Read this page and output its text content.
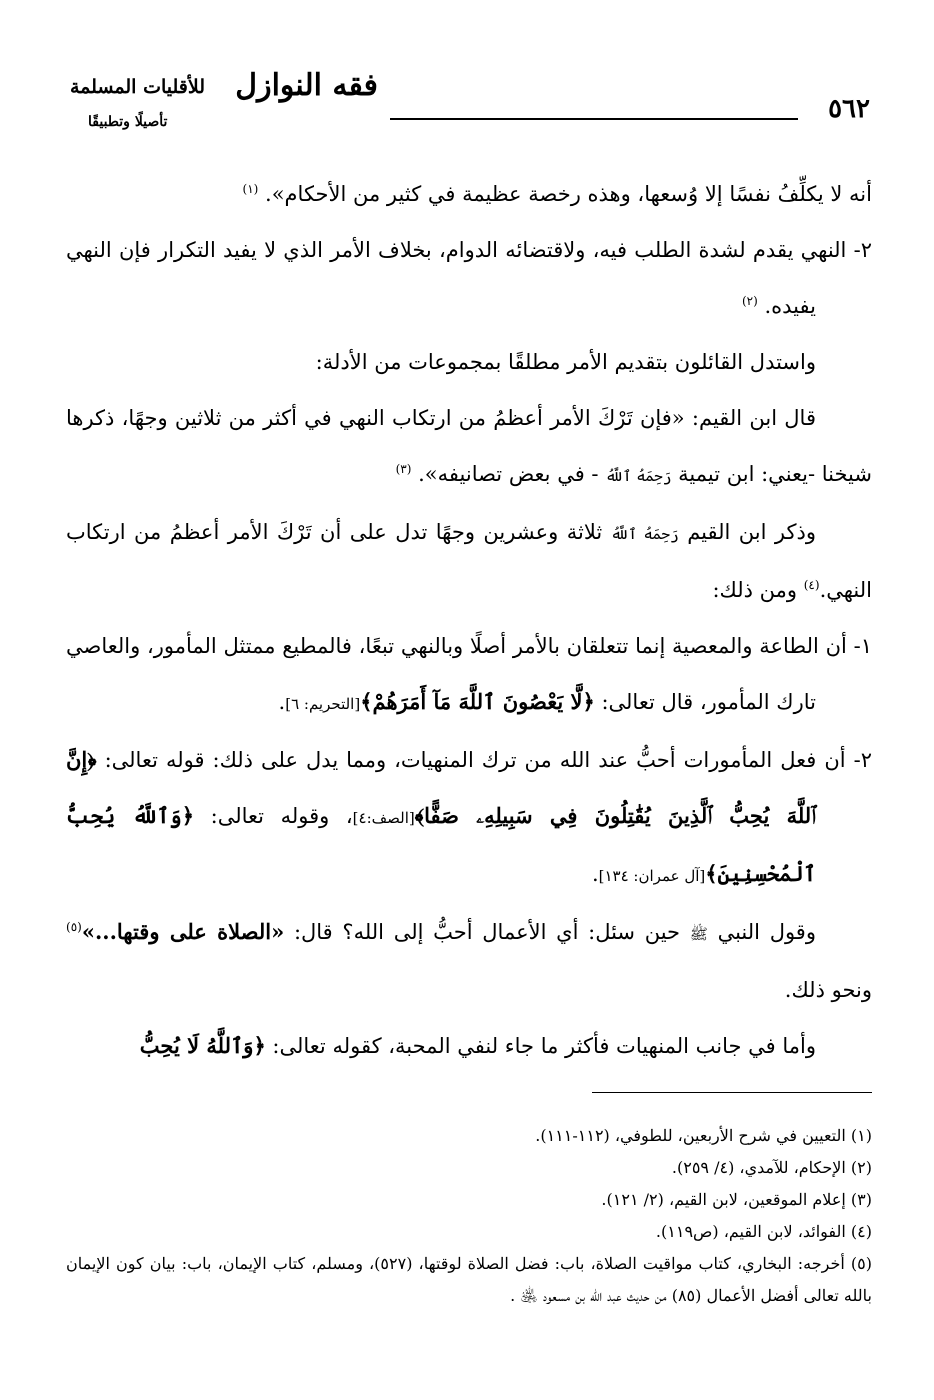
٥٦٢
فقه النوازل
للأقليات المسلمة
تأصيلًا وتطبيقًا

أنه لا يكلِّفُ نفسًا إلا وُسعها، وهذه رخصة عظيمة في كثير من الأحكام». $^{(١)}$

٢- النهي يقدم لشدة الطلب فيه، ولاقتضائه الدوام، بخلاف الأمر الذي لا يفيد التكرار فإن النهي يفيده. $^{(٢)}$

واستدل القائلون بتقديم الأمر مطلقًا بمجموعات من الأدلة:

قال ابن القيم: «فإن تَرْكَ الأمر أعظمُ من ارتكاب النهي في أكثر من ثلاثين وجهًا، ذكرها شيخنا -يعني: ابن تيمية رَحِمَهُ ٱللَّهُ - في بعض تصانيفه». $^{(٣)}$

وذكر ابن القيم رَحِمَهُ ٱللَّهُ ثلاثة وعشرين وجهًا تدل على أن تَرْكَ الأمر أعظمُ من ارتكاب النهي.$^{(٤)}$ ومن ذلك:

١- أن الطاعة والمعصية إنما تتعلقان بالأمر أصلًا وبالنهي تبعًا، فالمطيع ممتثل المأمور، والعاصي تارك المأمور، قال تعالى: ﴿لَّا يَعْصُونَ ٱللَّهَ مَآ أَمَرَهُمْ﴾[التحريم: ٦].

٢- أن فعل المأمورات أحبُّ عند الله من ترك المنهيات، ومما يدل على ذلك: قوله تعالى: ﴿إِنَّ ٱللَّهَ يُحِبُّ ٱلَّذِينَ يُقَٰتِلُونَ فِي سَبِيلِهِۦ صَفًّا﴾[الصف:٤]، وقوله تعالى: ﴿وَٱللَّهُ يُحِبُّ ٱلْمُحْسِنِينَ﴾[آل عمران: ١٣٤].

وقول النبي ﷺ حين سئل: أي الأعمال أحبُّ إلى الله؟ قال: «الصلاة على وقتها...»$^{(٥)}$ ونحو ذلك.

وأما في جانب المنهيات فأكثر ما جاء لنفي المحبة، كقوله تعالى: ﴿وَٱللَّهُ لَا يُحِبُّ

(١) التعيين في شرح الأربعين، للطوفي، (١١٢-١١١).

(٢) الإحكام، للآمدي، (٤/ ٢٥٩).

(٣) إعلام الموقعين، لابن القيم، (٢/ ١٢١).

(٤) الفوائد، لابن القيم، (ص١١٩).

(٥) أخرجه: البخاري، كتاب مواقيت الصلاة، باب: فضل الصلاة لوقتها، (٥٢٧)، ومسلم، كتاب الإيمان، باب: بيان كون الإيمان بالله تعالى أفضل الأعمال (٨٥) من حديث عبد الله بن مسعود ﵁ .
